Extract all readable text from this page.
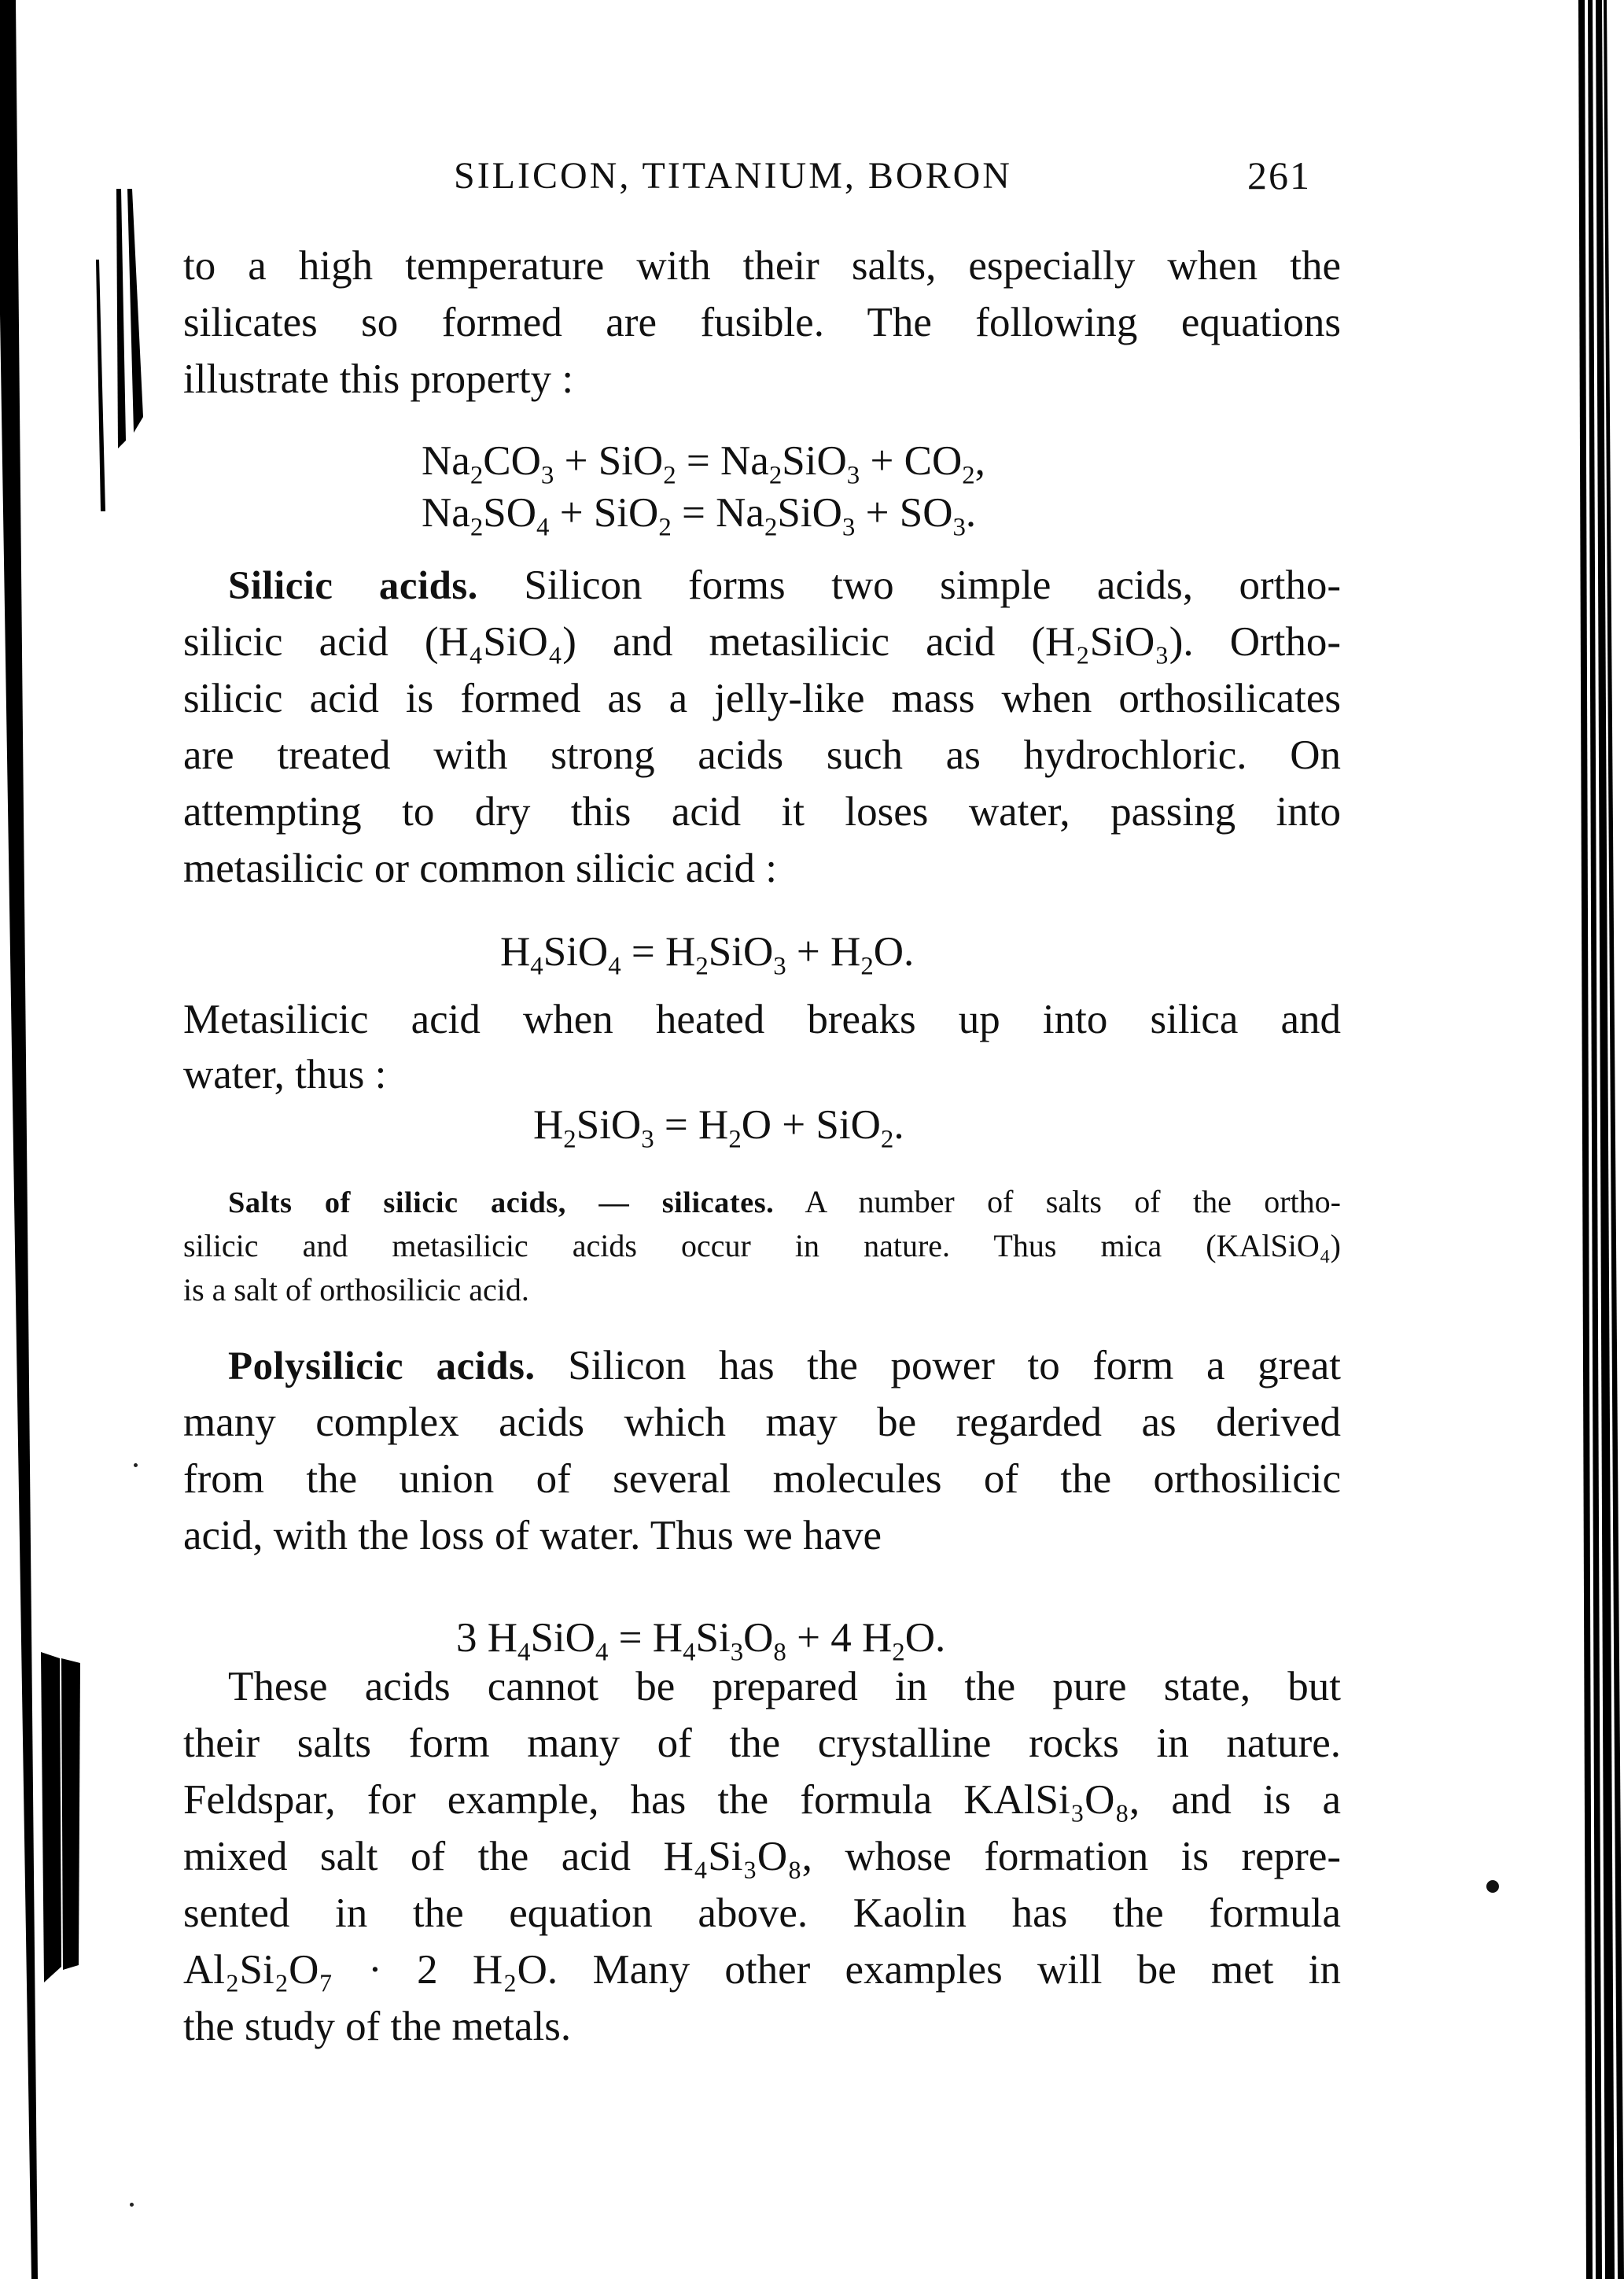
SILICON, TITANIUM, BORON	261
to a high temperature with their salts, especially when the
silicates so formed are fusible. The following equations
illustrate this property :
$Na_2CO_3 + SiO_2 = Na_2SiO_3 + CO_2$,
$Na_2SO_4 + SiO_2 = Na_2SiO_3 + SO_3$.
Silicic acids. Silicon forms two simple acids, ortho-
silicic acid (H₄SiO₄) and metasilicic acid (H₂SiO₃). Ortho-
silicic acid is formed as a jelly-like mass when orthosilicates
are treated with strong acids such as hydrochloric. On
attempting to dry this acid it loses water, passing into
metasilicic or common silicic acid :
$H_4SiO_4 = H_2SiO_3 + H_2O$.
Metasilicic acid when heated breaks up into silica and
water, thus :
$H_2SiO_3 = H_2O + SiO_2$.
Salts of silicic acids, — silicates. A number of salts of the ortho-
silicic and metasilicic acids occur in nature. Thus mica (KAlSiO₄)
is a salt of orthosilicic acid.
Polysilicic acids. Silicon has the power to form a great
many complex acids which may be regarded as derived
from the union of several molecules of the orthosilicic
acid, with the loss of water. Thus we have
3 $H_4SiO_4 = H_4Si_3O_8 + 4$ $H_2O$.
These acids cannot be prepared in the pure state, but
their salts form many of the crystalline rocks in nature.
Feldspar, for example, has the formula KAlSi₃O₈, and is a
mixed salt of the acid H₄Si₃O₈, whose formation is repre-
sented in the equation above. Kaolin has the formula
Al₂Si₂O₇ · 2 H₂O. Many other examples will be met in
the study of the metals.
